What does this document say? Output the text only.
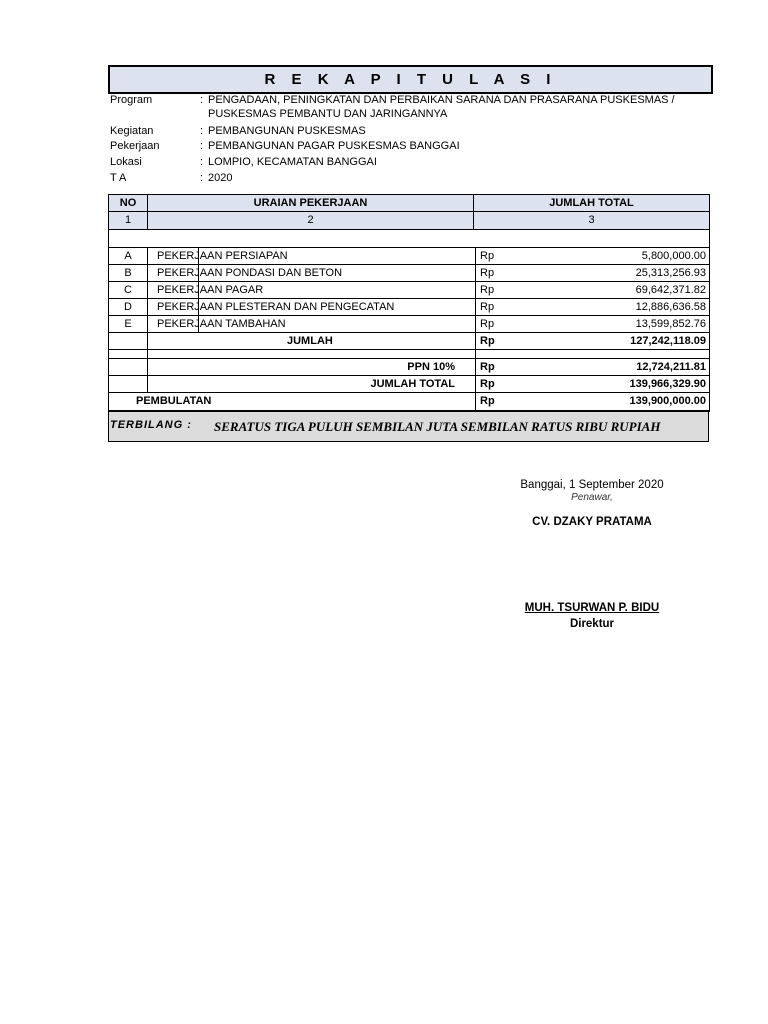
R E K A P I T U L A S I
Program	: PENGADAAN, PENINGKATAN DAN PERBAIKAN SARANA DAN PRASARANA PUSKESMAS /
PUSKESMAS PEMBANTU DAN JARINGANNYA
Kegiatan	: PEMBANGUNAN PUSKESMAS
Pekerjaan	: PEMBANGUNAN PAGAR PUSKESMAS BANGGAI
Lokasi	: LOMPIO, KECAMATAN BANGGAI
T A	: 2020
NO	URAIAN PEKERJAAN	JUMLAH TOTAL
1	2	3
A	PEKERJAAN PERSIAPAN	Rp	5,800,000.00
B	PEKERJAAN PONDASI DAN BETON	Rp	25,313,256.93
C	PEKERJAAN PAGAR	Rp	69,642,371.82
D	PEKERJAAN PLESTERAN DAN PENGECATAN	Rp	12,886,636.58
E	PEKERJAAN TAMBAHAN	Rp	13,599,852.76
JUMLAH	Rp	127,242,118.09
PPN 10% Rp	12,724,211.81
JUMLAH TOTAL Rp	139,966,329.90
PEMBULATAN	Rp	139,900,000.00
TERBILANG : SERATUS TIGA PULUH SEMBILAN JUTA SEMBILAN RATUS RIBU RUPIAH
Banggai, 1 September 2020
Penawar,
CV. DZAKY PRATAMA
MUH. TSURWAN P. BIDU
Direktur
